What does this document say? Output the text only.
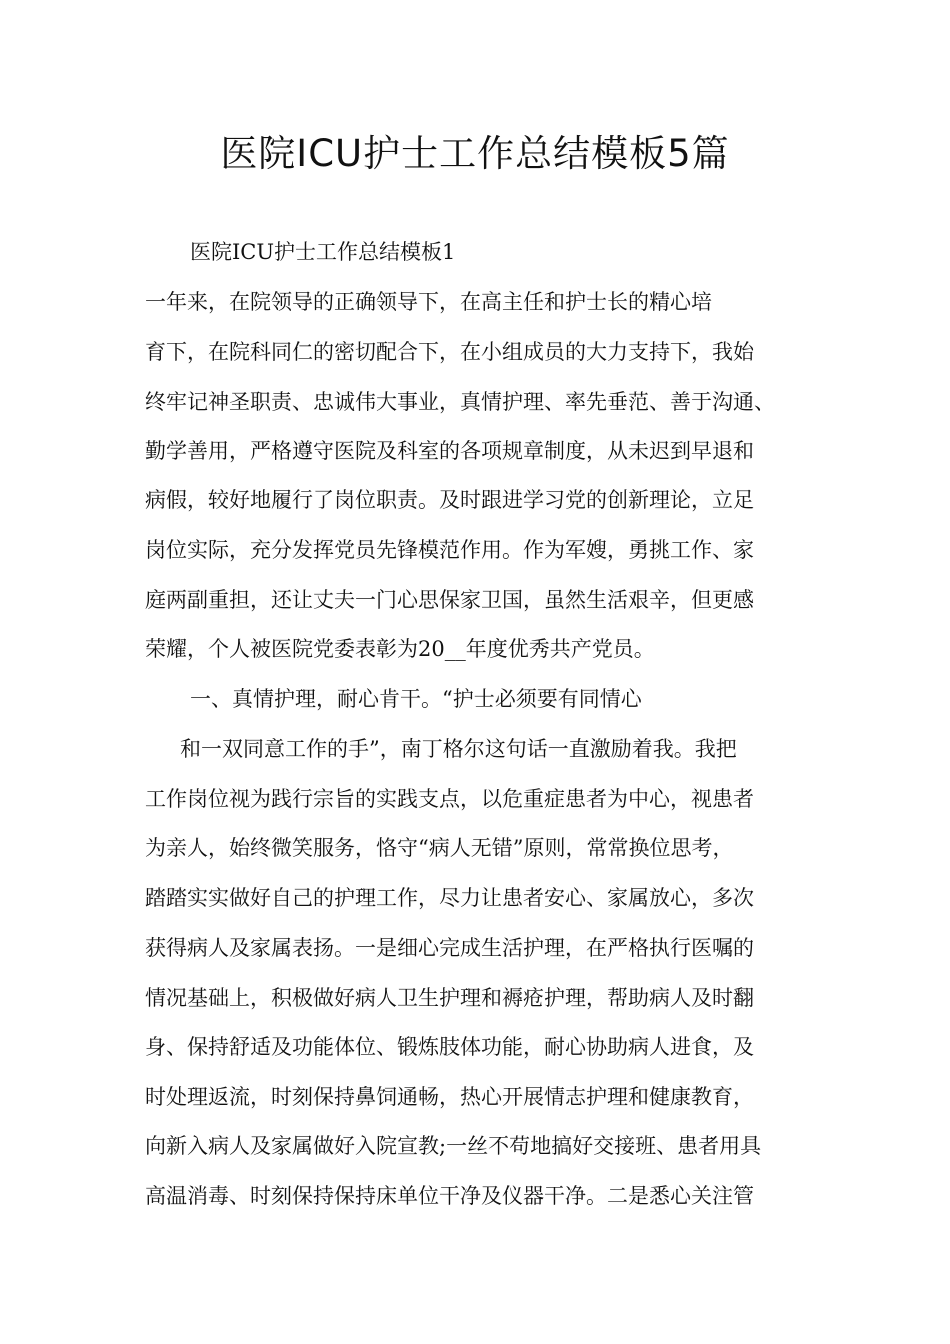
医院ICU护士工作总结模板5篇

医院ICU护士工作总结模板1

一年来，在院领导的正确领导下，在高主任和护士长的精心培

育下，在院科同仁的密切配合下，在小组成员的大力支持下，我始

终牢记神圣职责、忠诚伟大事业，真情护理、率先垂范、善于沟通、

勤学善用，严格遵守医院及科室的各项规章制度，从未迟到早退和

病假，较好地履行了岗位职责。及时跟进学习党的创新理论，立足

岗位实际，充分发挥党员先锋模范作用。作为军嫂，勇挑工作、家

庭两副重担，还让丈夫一门心思保家卫国，虽然生活艰辛，但更感

荣耀，个人被医院党委表彰为20__年度优秀共产党员。

一、真情护理，耐心肯干。“护士必须要有同情心

和一双同意工作的手”，南丁格尔这句话一直激励着我。我把

工作岗位视为践行宗旨的实践支点，以危重症患者为中心，视患者

为亲人，始终微笑服务，恪守“病人无错”原则，常常换位思考，

踏踏实实做好自己的护理工作，尽力让患者安心、家属放心，多次

获得病人及家属表扬。一是细心完成生活护理，在严格执行医嘱的

情况基础上，积极做好病人卫生护理和褥疮护理，帮助病人及时翻

身、保持舒适及功能体位、锻炼肢体功能，耐心协助病人进食，及

时处理返流，时刻保持鼻饲通畅，热心开展情志护理和健康教育，

向新入病人及家属做好入院宣教;一丝不苟地搞好交接班、患者用具

高温消毒、时刻保持保持床单位干净及仪器干净。二是悉心关注管
